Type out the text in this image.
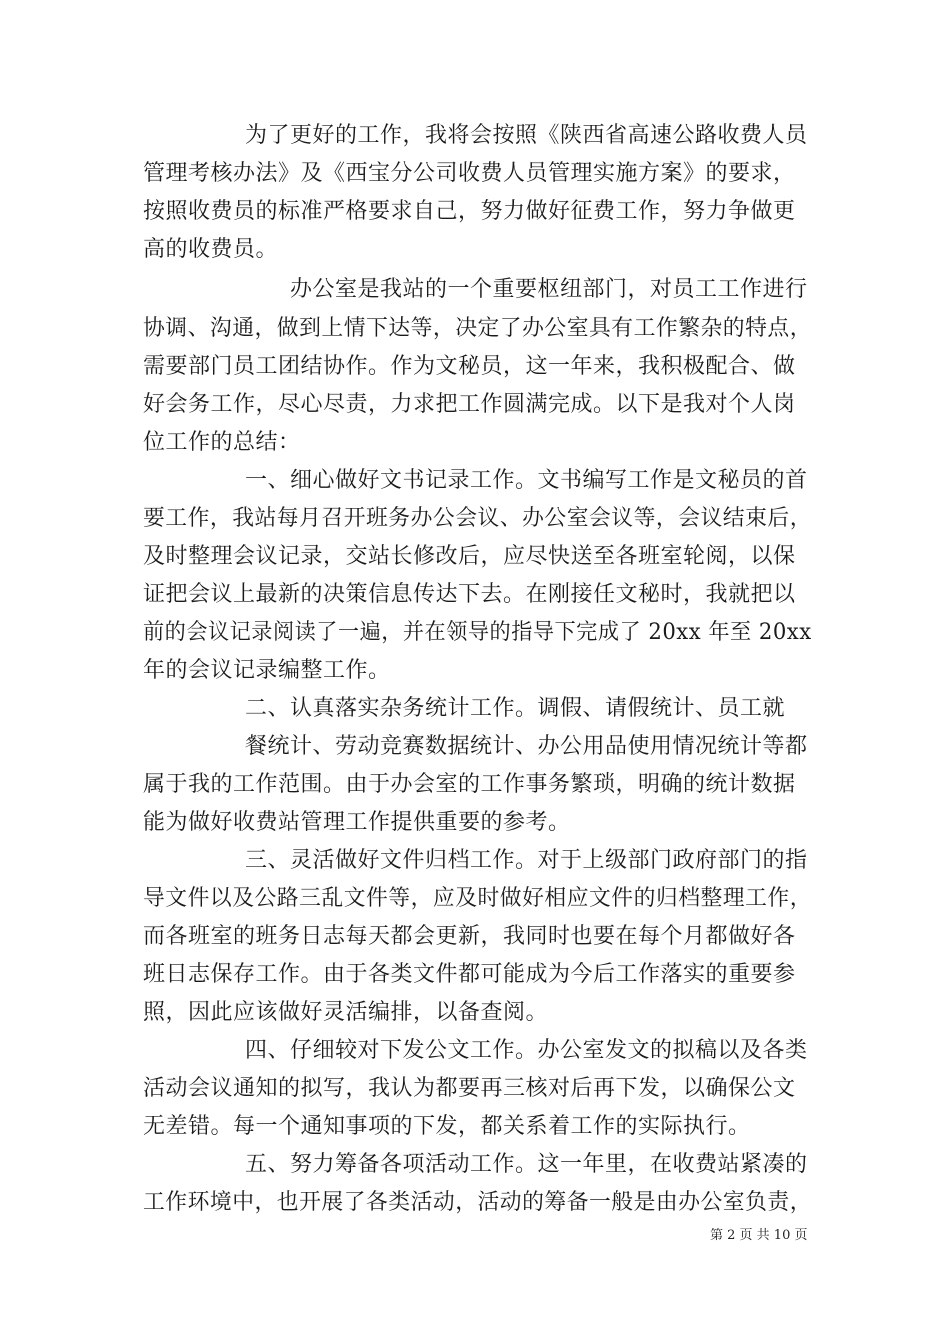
为了更好的工作，我将会按照《陕西省高速公路收费人员
管理考核办法》及《西宝分公司收费人员管理实施方案》的要求，
按照收费员的标准严格要求自己，努力做好征费工作，努力争做更
高的收费员。
办公室是我站的一个重要枢纽部门，对员工工作进行
协调、沟通，做到上情下达等，决定了办公室具有工作繁杂的特点，
需要部门员工团结协作。作为文秘员，这一年来，我积极配合、做
好会务工作，尽心尽责，力求把工作圆满完成。以下是我对个人岗
位工作的总结：
一、细心做好文书记录工作。文书编写工作是文秘员的首
要工作，我站每月召开班务办公会议、办公室会议等，会议结束后，
及时整理会议记录，交站长修改后，应尽快送至各班室轮阅，以保
证把会议上最新的决策信息传达下去。在刚接任文秘时，我就把以
前的会议记录阅读了一遍，并在领导的指导下完成了 20xx 年至 20xx
年的会议记录编整工作。
二、认真落实杂务统计工作。调假、请假统计、员工就
餐统计、劳动竞赛数据统计、办公用品使用情况统计等都
属于我的工作范围。由于办会室的工作事务繁琐，明确的统计数据
能为做好收费站管理工作提供重要的参考。
三、灵活做好文件归档工作。对于上级部门政府部门的指
导文件以及公路三乱文件等，应及时做好相应文件的归档整理工作，
而各班室的班务日志每天都会更新，我同时也要在每个月都做好各
班日志保存工作。由于各类文件都可能成为今后工作落实的重要参
照，因此应该做好灵活编排，以备查阅。
四、仔细较对下发公文工作。办公室发文的拟稿以及各类
活动会议通知的拟写，我认为都要再三核对后再下发，以确保公文
无差错。每一个通知事项的下发，都关系着工作的实际执行。
五、努力筹备各项活动工作。这一年里，在收费站紧凑的
工作环境中，也开展了各类活动，活动的筹备一般是由办公室负责，
第 2 页 共 10 页
